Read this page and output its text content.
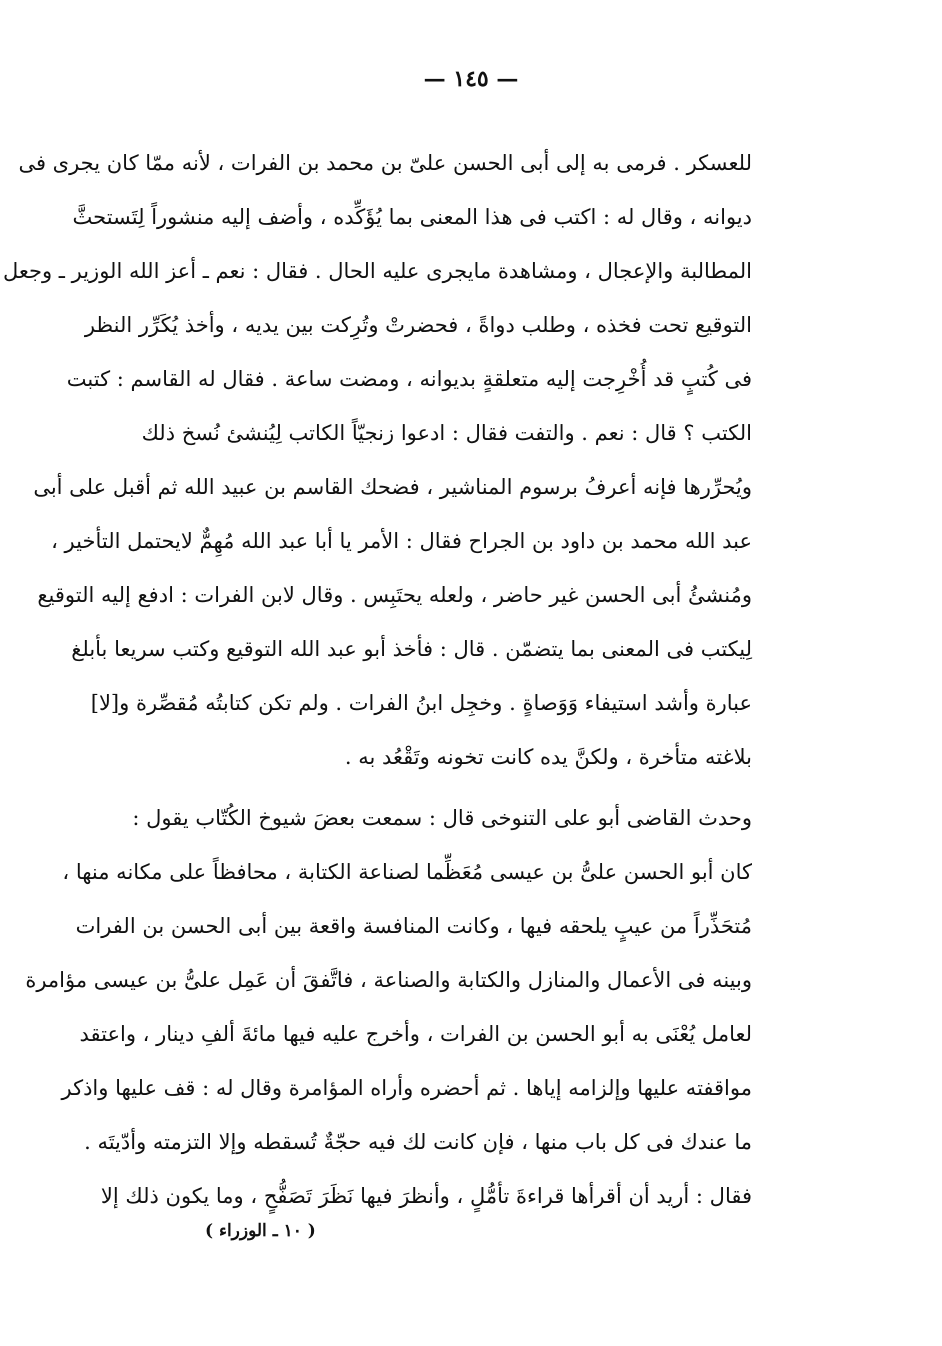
— ١٤٥ —
للعسكر . فرمى به إلى أبى الحسن علىّ بن محمد بن الفرات ، لأنه ممّا كان يجرى فى
ديوانه ، وقال له : اكتب فى هذا المعنى بما يُؤَكِّده ، وأضف إليه منشوراً لِتَستحثَّ
المطالبة والإعجال ، ومشاهدة مايجرى عليه الحال . فقال : نعم ـ أعز الله الوزير ـ وجعل
التوقيع تحت فخذه ، وطلب دواةً ، فحضرتْ وتُرِكت بين يديه ، وأخذ يُكَرِّر النظر
فى كُتبٍ قد أُخْرِجت إليه متعلقةٍ بديوانه ، ومضت ساعة . فقال له القاسم : كتبت
الكتب ؟ قال : نعم . والتفت فقال : ادعوا زنجيّاً الكاتب لِيُنشئ نُسخ ذلك
ويُحرِّرها فإنه أعرفُ برسوم المناشير ، فضحك القاسم بن عبيد الله ثم أقبل على أبى
عبد الله محمد بن داود بن الجراح فقال : الأمر يا أبا عبد الله مُهِمٌّ لايحتمل التأخير ،
ومُنشئُ أبى الحسن غير حاضر ، ولعله يحتَبِس . وقال لابن الفرات : ادفع إليه التوقيع
لِيكتب فى المعنى بما يتضمّن . قال : فأخذ أبو عبد الله التوقيع وكتب سريعا بأبلغ
عبارة وأشد استيفاء وَوَصاةٍ . وخجِل ابنُ الفرات . ولم تكن كتابتُه مُقصِّرة و[لا]
بلاغته متأخرة ، ولكنَّ يده كانت تخونه وتَقْعُد به .
وحدث القاضى أبو على التنوخى قال : سمعت بعضَ شيوخ الكُتّاب يقول :
كان أبو الحسن علىُّ بن عيسى مُعَظِّما لصناعة الكتابة ، محافظاً على مكانه منها ،
مُتحَذِّراً من عيبٍ يلحقه فيها ، وكانت المنافسة واقعة بين أبى الحسن بن الفرات
وبينه فى الأعمال والمنازل والكتابة والصناعة ، فاتَّفقَ أن عَمِل علىُّ بن عيسى مؤامرة
لعامل يُعْنَى به أبو الحسن بن الفرات ، وأخرج عليه فيها مائةَ ألفِ دينار ، واعتقد
مواقفته عليها وإلزامه إياها . ثم أحضره وأراه المؤامرة وقال له : قف عليها واذكر
ما عندك فى كل باب منها ، فإن كانت لك فيه حجّةٌ تُسقطه وإلا التزمته وأدّيتَه .
فقال : أريد أن أقرأها قراءةَ تأمُّلٍ ، وأنظرَ فيها نَظَرَ تَصَفُّحٍ ، وما يكون ذلك إلا
( ١٠ ـ الوزراء )
